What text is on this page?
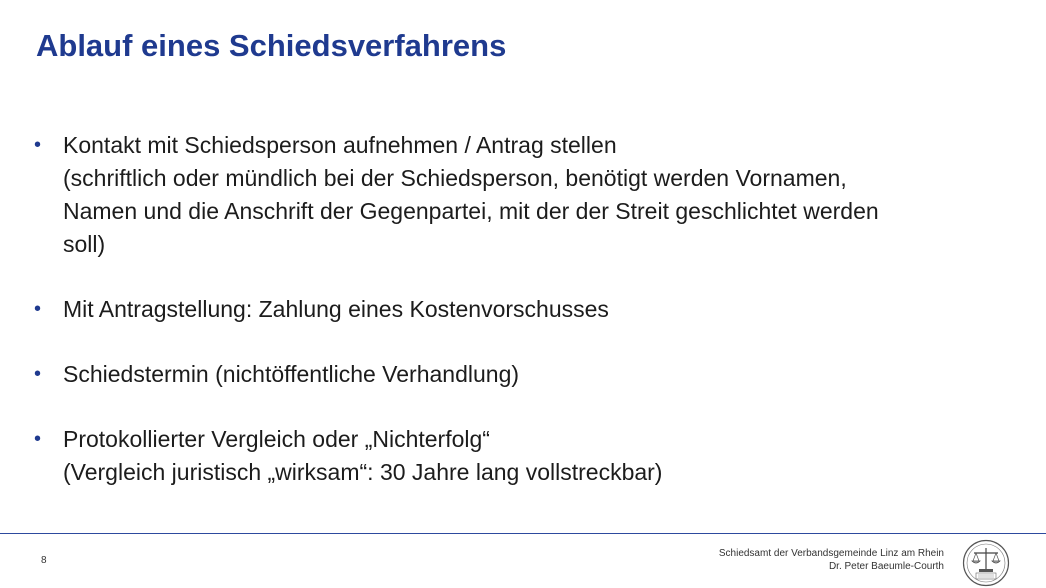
Ablauf eines Schiedsverfahrens
• Kontakt mit Schiedsperson aufnehmen / Antrag stellen
(schriftlich oder mündlich bei der Schiedsperson, benötigt werden Vornamen,
Namen und die Anschrift der Gegenpartei, mit der der Streit geschlichtet werden
soll)
• Mit Antragstellung: Zahlung eines Kostenvorschusses
• Schiedstermin (nichtöffentliche Verhandlung)
• Protokollierter Vergleich oder „Nichterfolg“
(Vergleich juristisch „wirksam“: 30 Jahre lang vollstreckbar)
8
Schiedsamt der Verbandsgemeinde Linz am Rhein
Dr. Peter Baeumle-Courth
